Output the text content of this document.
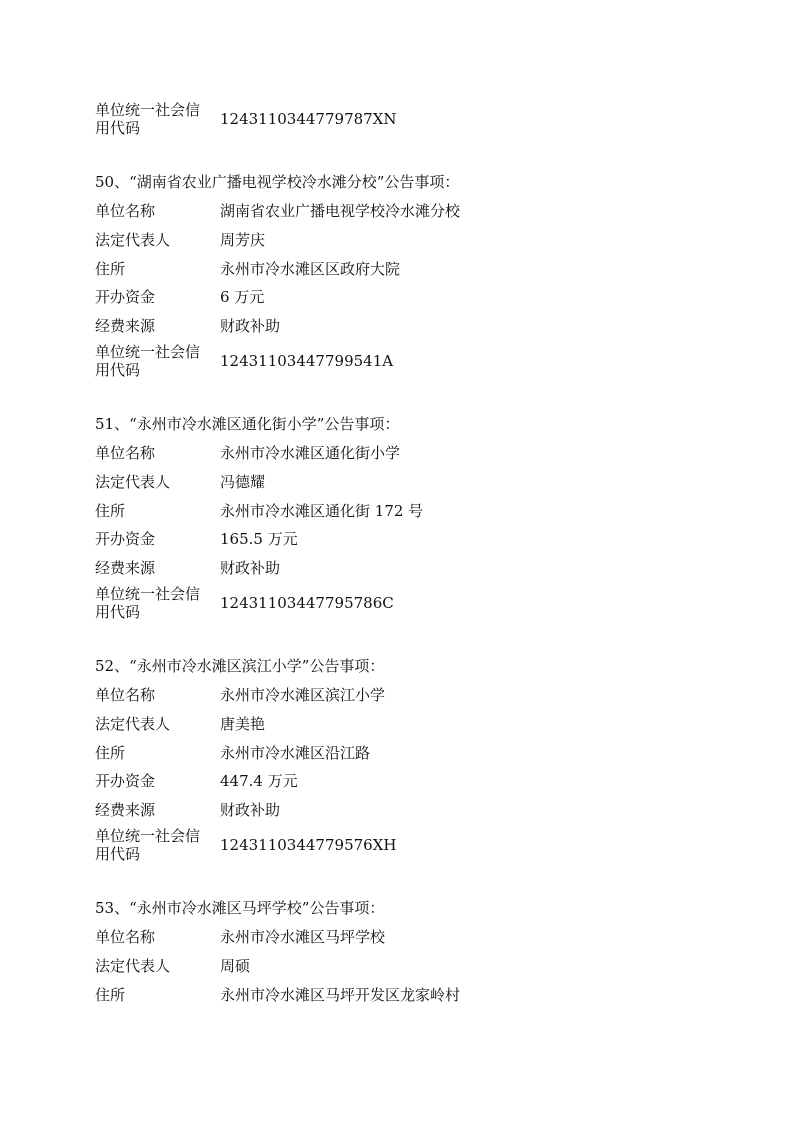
单位统一社会信用代码	1243110344779787XN
50、“湖南省农业广播电视学校冷水滩分校”公告事项：
单位名称	湖南省农业广播电视学校冷水滩分校
法定代表人	周芳庆
住所	永州市冷水滩区区政府大院
开办资金	6 万元
经费来源	财政补助
单位统一社会信用代码	12431103447799541A
51、“永州市冷水滩区通化街小学”公告事项：
单位名称	永州市冷水滩区通化街小学
法定代表人	冯德耀
住所	永州市冷水滩区通化街 172 号
开办资金	165.5 万元
经费来源	财政补助
单位统一社会信用代码	12431103447795786C
52、“永州市冷水滩区滨江小学”公告事项：
单位名称	永州市冷水滩区滨江小学
法定代表人	唐美艳
住所	永州市冷水滩区沿江路
开办资金	447.4 万元
经费来源	财政补助
单位统一社会信用代码	1243110344779576XH
53、“永州市冷水滩区马坪学校”公告事项：
单位名称	永州市冷水滩区马坪学校
法定代表人	周硕
住所	永州市冷水滩区马坪开发区龙家岭村
